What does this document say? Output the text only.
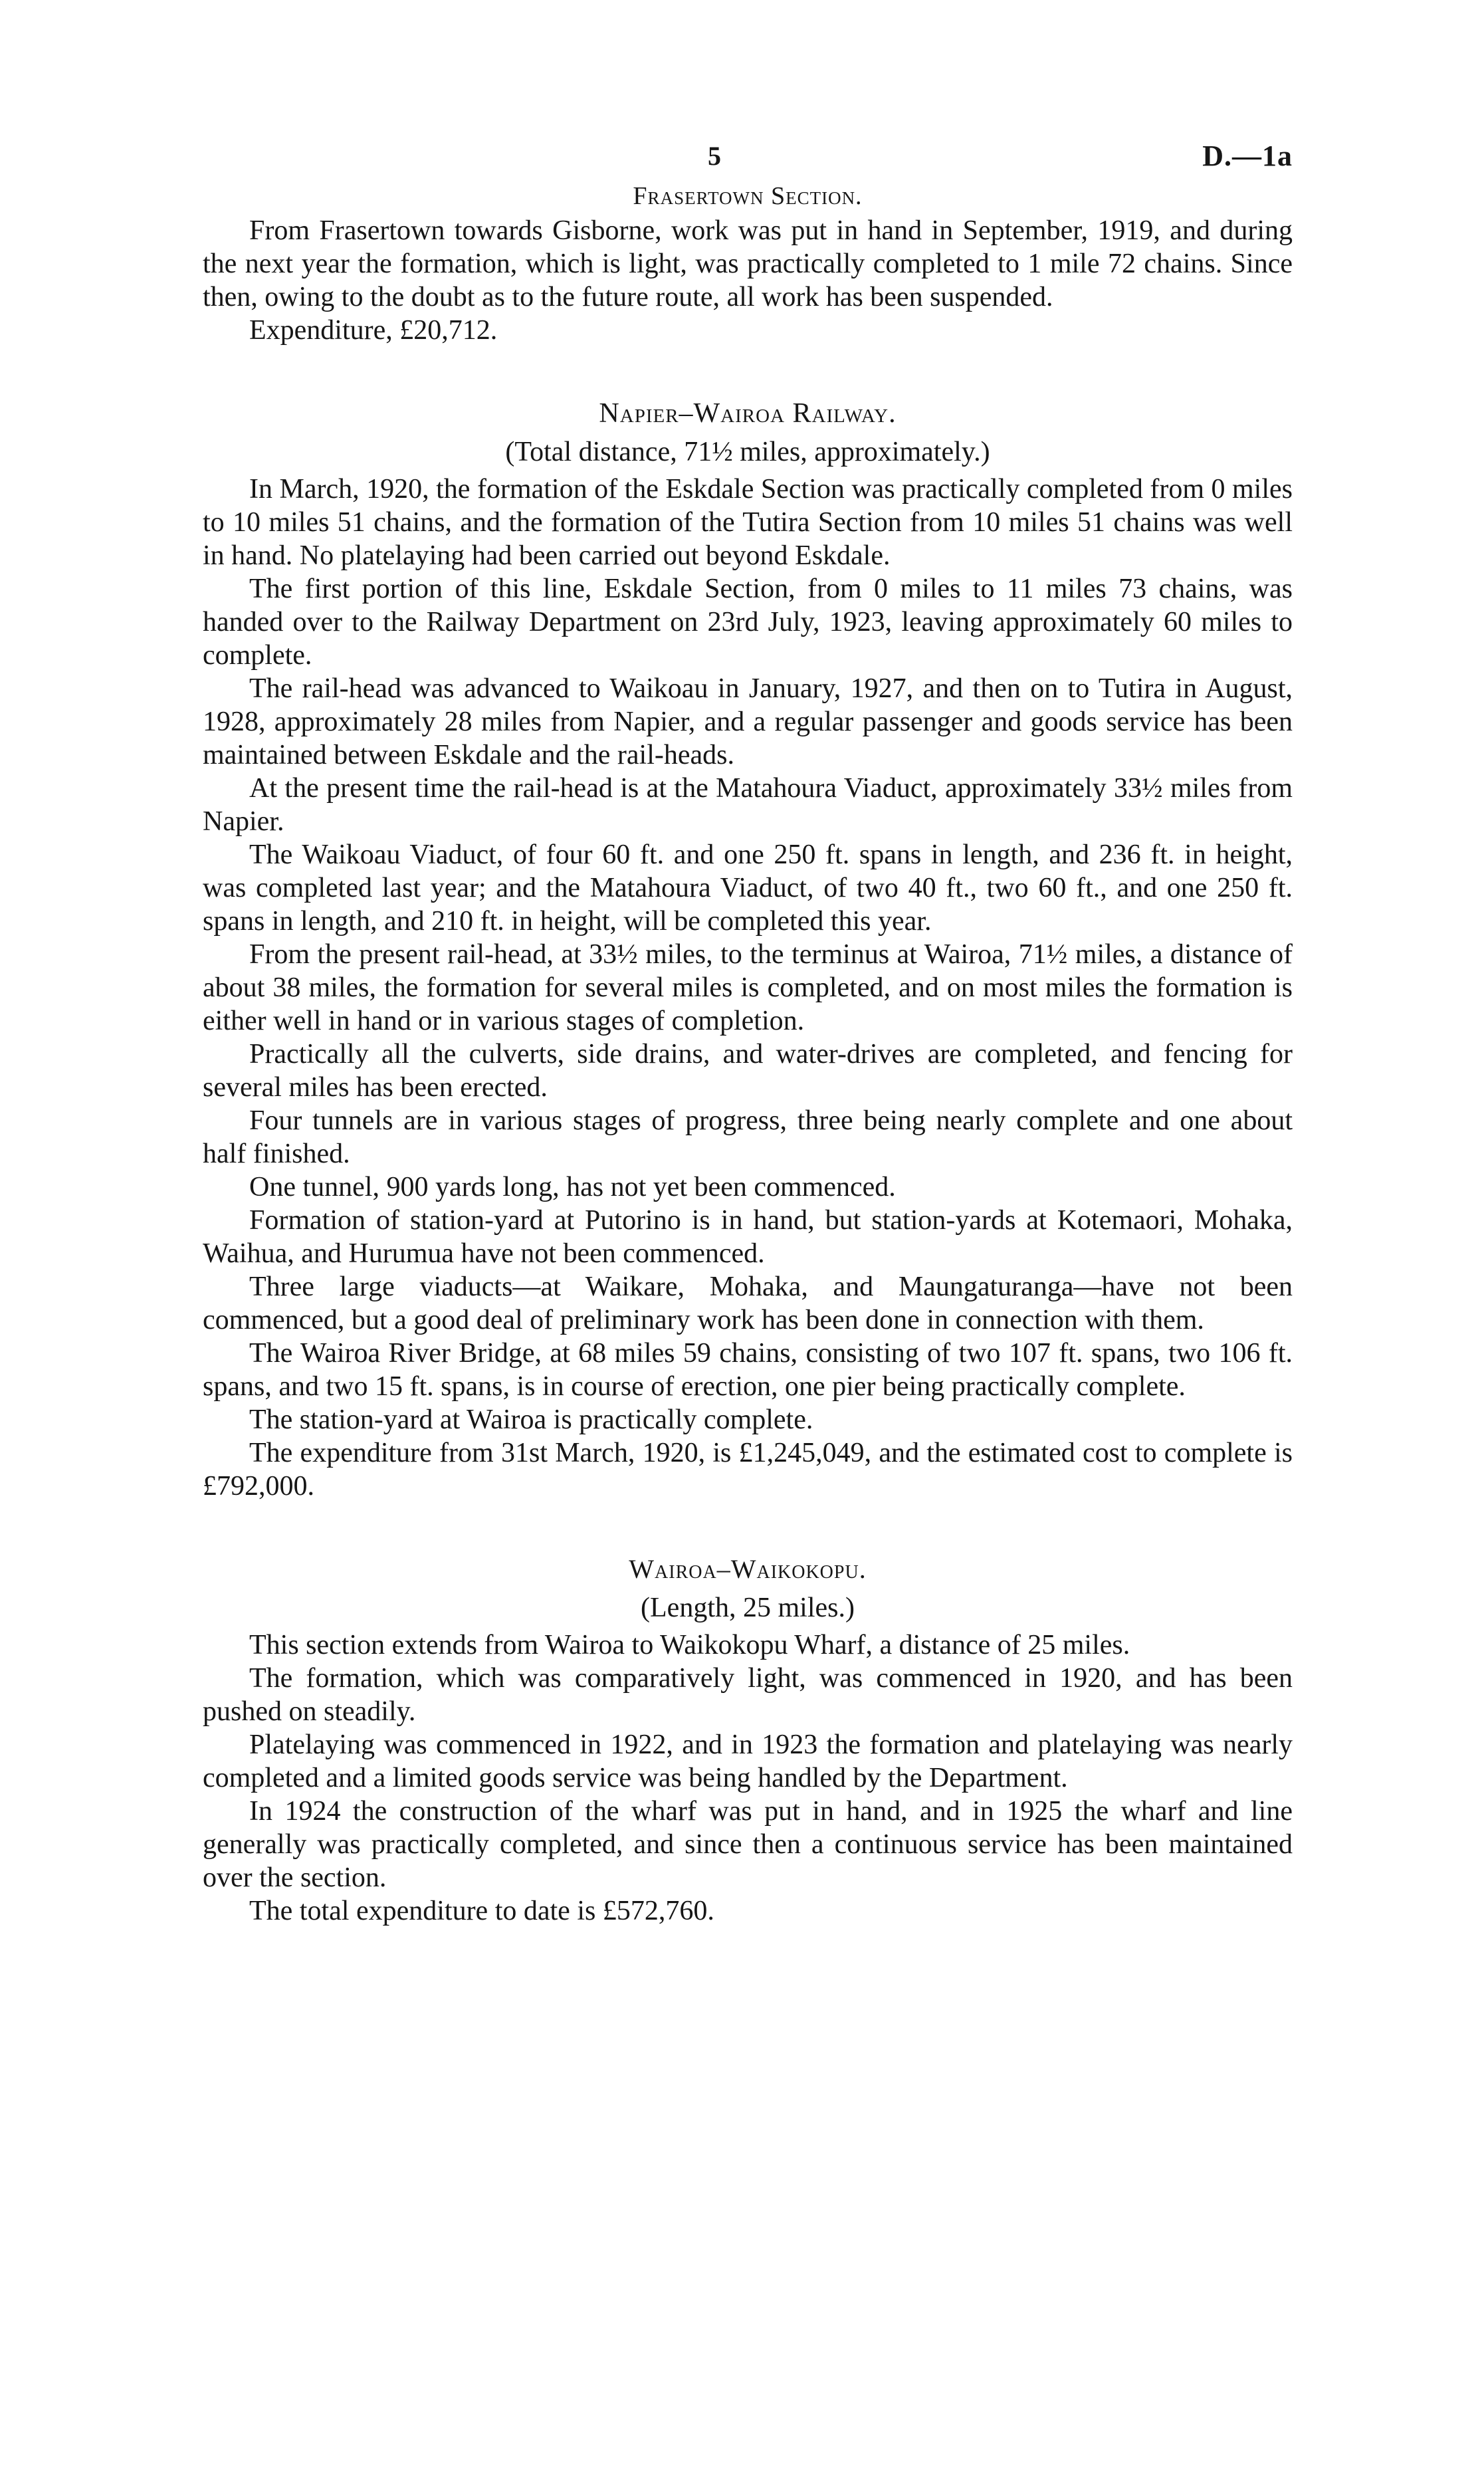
5	D.—1a
Frasertown Section.

From Frasertown towards Gisborne, work was put in hand in September, 1919, and during the next year the formation, which is light, was practically completed to 1 mile 72 chains. Since then, owing to the doubt as to the future route, all work has been suspended.

Expenditure, £20,712.

Napier–Wairoa Railway.
(Total distance, 71½ miles, approximately.)

In March, 1920, the formation of the Eskdale Section was practically completed from 0 miles to 10 miles 51 chains, and the formation of the Tutira Section from 10 miles 51 chains was well in hand. No platelaying had been carried out beyond Eskdale.

The first portion of this line, Eskdale Section, from 0 miles to 11 miles 73 chains, was handed over to the Railway Department on 23rd July, 1923, leaving approximately 60 miles to complete.

The rail-head was advanced to Waikoau in January, 1927, and then on to Tutira in August, 1928, approximately 28 miles from Napier, and a regular passenger and goods service has been maintained between Eskdale and the rail-heads.

At the present time the rail-head is at the Matahoura Viaduct, approximately 33½ miles from Napier.

The Waikoau Viaduct, of four 60 ft. and one 250 ft. spans in length, and 236 ft. in height, was completed last year; and the Matahoura Viaduct, of two 40 ft., two 60 ft., and one 250 ft. spans in length, and 210 ft. in height, will be completed this year.

From the present rail-head, at 33½ miles, to the terminus at Wairoa, 71½ miles, a distance of about 38 miles, the formation for several miles is completed, and on most miles the formation is either well in hand or in various stages of completion.

Practically all the culverts, side drains, and water-drives are completed, and fencing for several miles has been erected.

Four tunnels are in various stages of progress, three being nearly complete and one about half finished.

One tunnel, 900 yards long, has not yet been commenced.

Formation of station-yard at Putorino is in hand, but station-yards at Kotemaori, Mohaka, Waihua, and Hurumua have not been commenced.

Three large viaducts—at Waikare, Mohaka, and Maungaturanga—have not been commenced, but a good deal of preliminary work has been done in connection with them.

The Wairoa River Bridge, at 68 miles 59 chains, consisting of two 107 ft. spans, two 106 ft. spans, and two 15 ft. spans, is in course of erection, one pier being practically complete.

The station-yard at Wairoa is practically complete.

The expenditure from 31st March, 1920, is £1,245,049, and the estimated cost to complete is £792,000.

Wairoa–Waikokopu.
(Length, 25 miles.)

This section extends from Wairoa to Waikokopu Wharf, a distance of 25 miles.

The formation, which was comparatively light, was commenced in 1920, and has been pushed on steadily.

Platelaying was commenced in 1922, and in 1923 the formation and platelaying was nearly completed and a limited goods service was being handled by the Department.

In 1924 the construction of the wharf was put in hand, and in 1925 the wharf and line generally was practically completed, and since then a continuous service has been maintained over the section.

The total expenditure to date is £572,760.
